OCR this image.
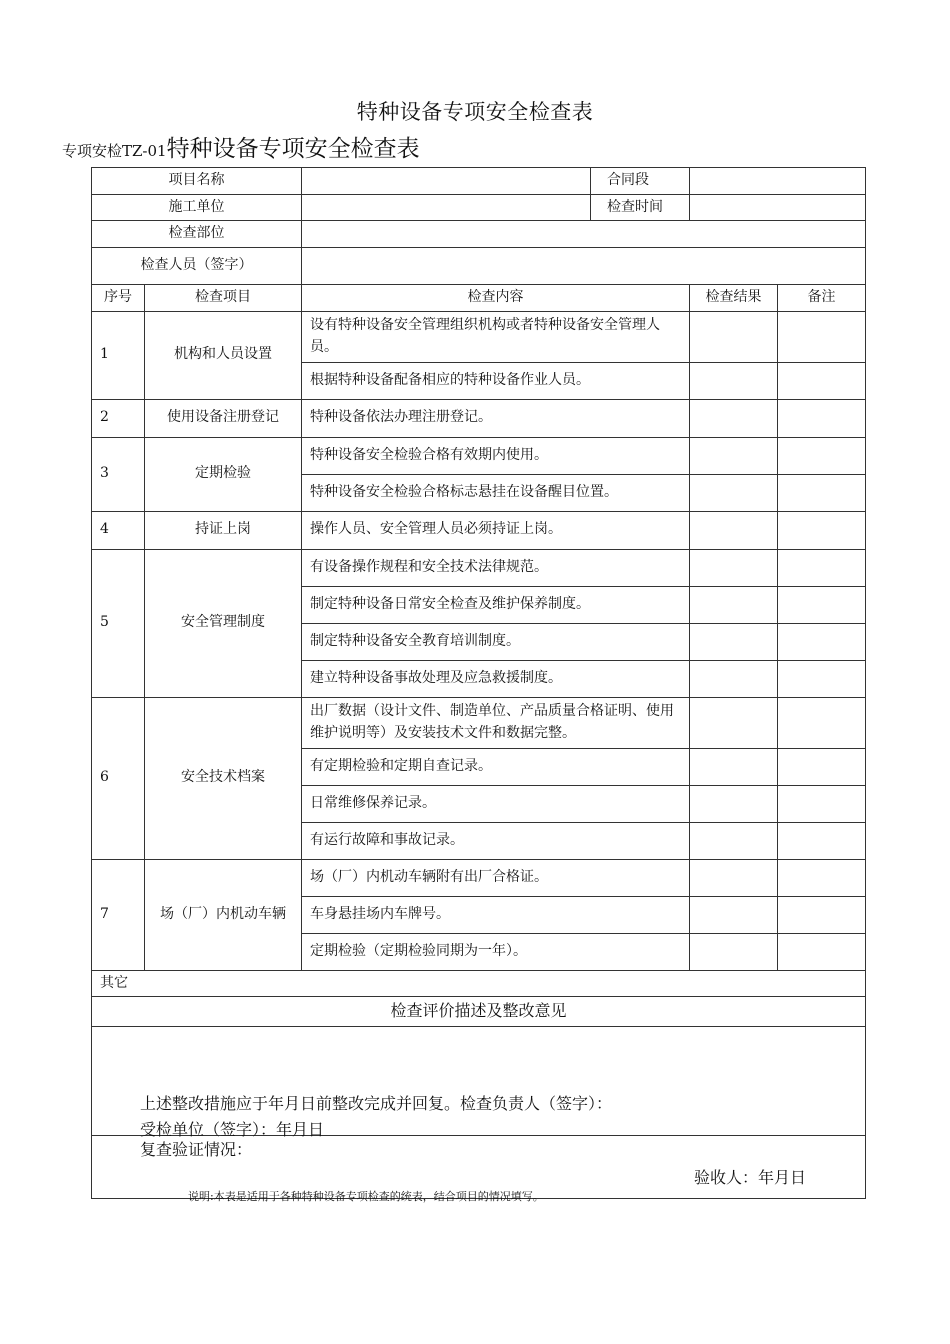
特种设备专项安全检查表
专项安检TZ-01特种设备专项安全检查表
项目名称			合同段		
施工单位			检查时间		
检查部位					
检查人员（签字）					
序号	检查项目	检查内容		检查结果	备注
1	机构和人员设置	设有特种设备安全管理组织机构或者特种设备安全管理人员。			
		根据特种设备配备相应的特种设备作业人员。			
2	使用设备注册登记	特种设备依法办理注册登记。			
3	定期检验	特种设备安全检验合格有效期内使用。			
		特种设备安全检验合格标志悬挂在设备醒目位置。			
4	持证上岗	操作人员、安全管理人员必须持证上岗。			
5	安全管理制度	有设备操作规程和安全技术法律规范。			
		制定特种设备日常安全检查及维护保养制度。			
		制定特种设备安全教育培训制度。			
		建立特种设备事故处理及应急救援制度。			
6	安全技术档案	出厂数据（设计文件、制造单位、产品质量合格证明、使用维护说明等）及安装技术文件和数据完整。			
		有定期检验和定期自查记录。			
		日常维修保养记录。			
		有运行故障和事故记录。			
7	场（厂）内机动车辆	场（厂）内机动车辆附有出厂合格证。			
		车身悬挂场内车牌号。			
		定期检验（定期检验同期为一年）。			
其它					
检查评价描述及整改意见					

上述整改措施应于年月日前整改完成并回复。检查负责人（签字）：受检单位（签字）：年月日					

复查验证情况：
验收人：年月日					
说明:本表是适用于各种特种设备专项检查的统表，结合项目的情况填写。
